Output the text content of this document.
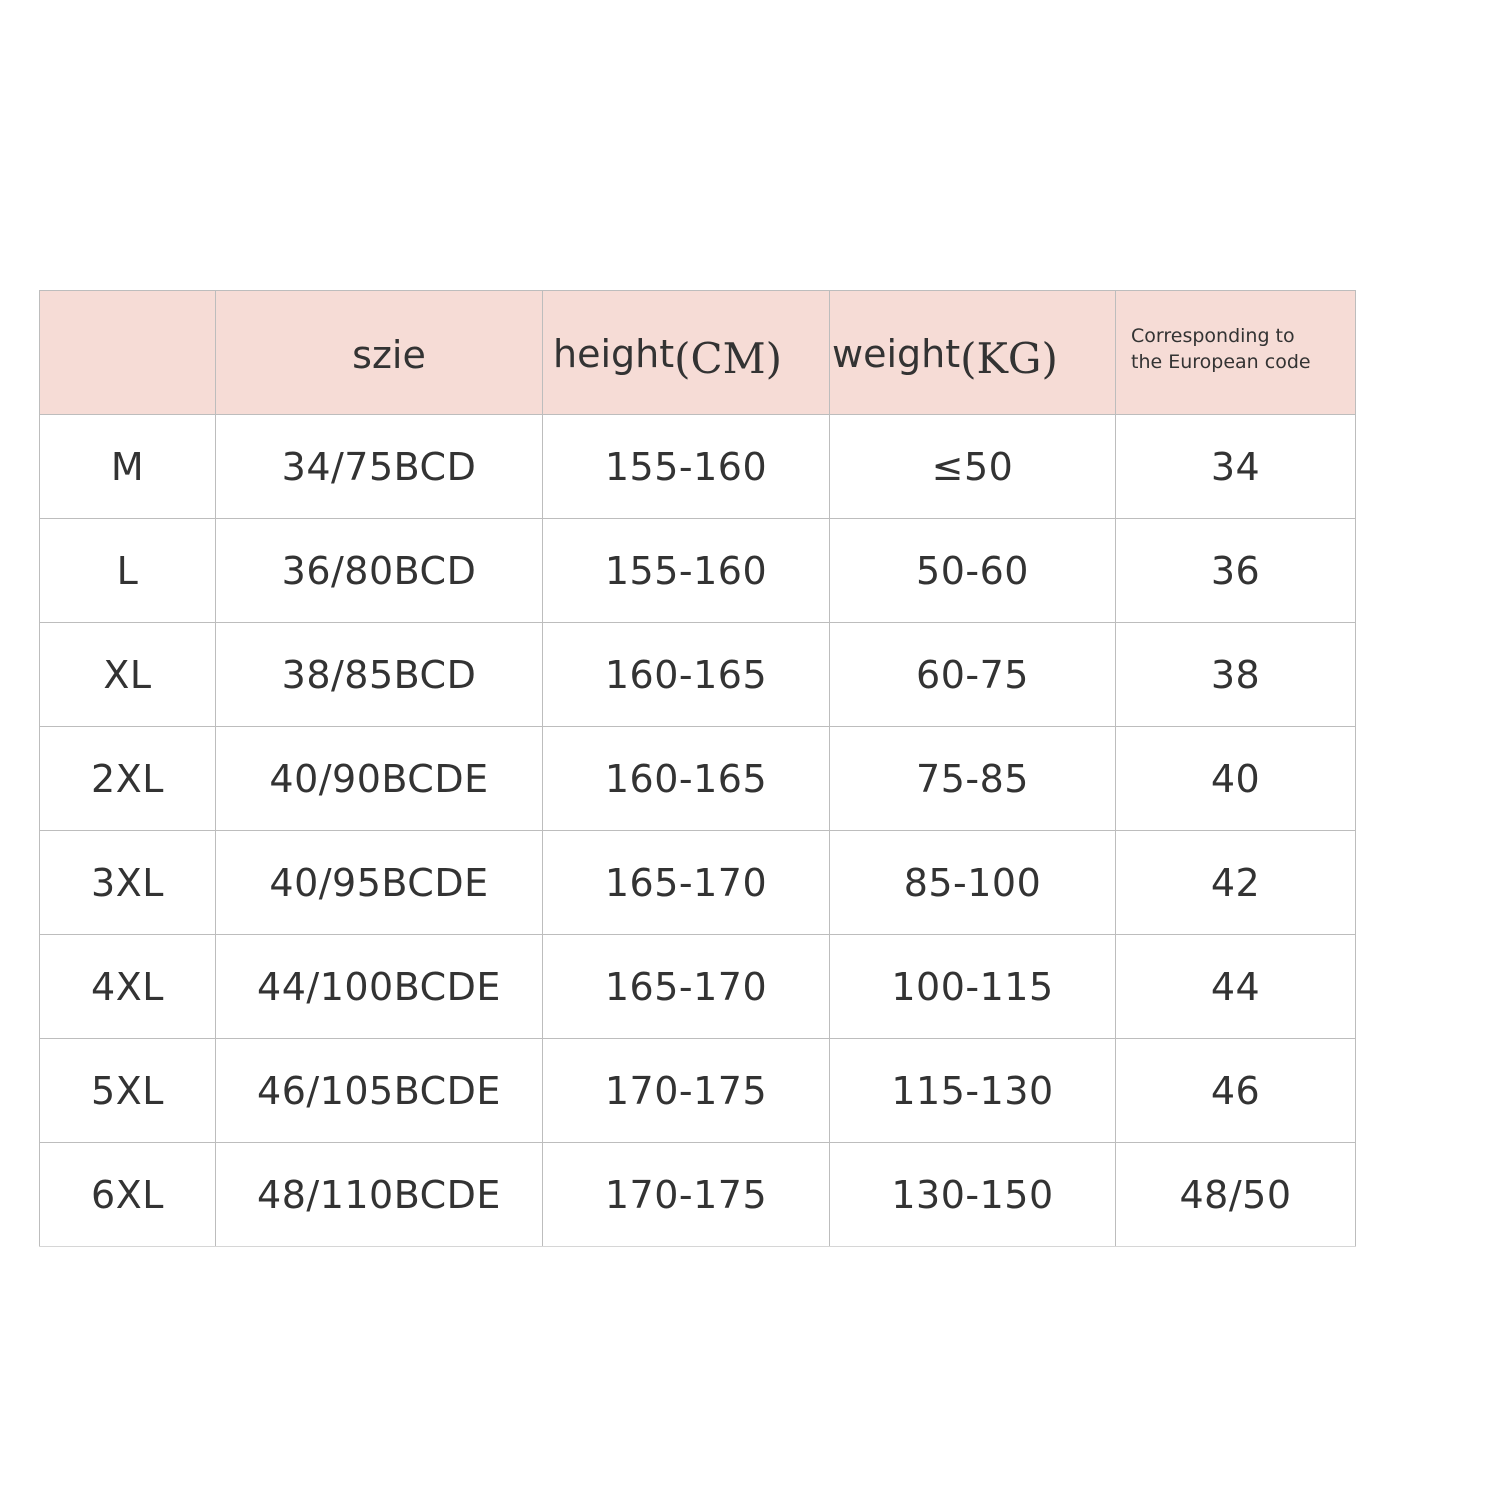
	szie	height(CM)	weight(KG)	Corresponding to
the European code

M	34/75BCD	155-160	≤50	34
L	36/80BCD	155-160	50-60	36
XL	38/85BCD	160-165	60-75	38
2XL	40/90BCDE	160-165	75-85	40
3XL	40/95BCDE	165-170	85-100	42
4XL	44/100BCDE	165-170	100-115	44
5XL	46/105BCDE	170-175	115-130	46
6XL	48/110BCDE	170-175	130-150	48/50
